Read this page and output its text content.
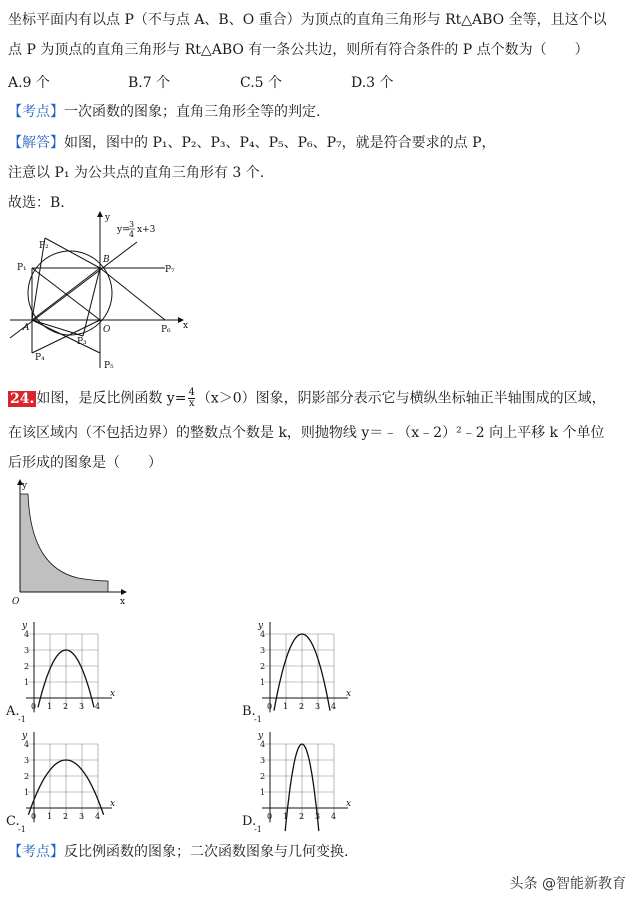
坐标平面内有以点 P（不与点 A、B、O 重合）为顶点的直角三角形与 Rt△ABO 全等，且这个以
点 P 为顶点的直角三角形与 Rt△ABO 有一条公共边，则所有符合条件的 P 点个数为（　　）
A.9 个	B.7 个	C.5 个	D.3 个
【考点】一次函数的图象；直角三角形全等的判定.
【解答】如图，图中的 P₁、P₂、P₃、P₄、P₅、P₆、P₇，就是符合要求的点 P，
注意以 P₁ 为公共点的直角三角形有 3 个.
故选：B.
y
x
y=
3
4 x+3
B
A	O
P₁
P₂
P₃
P₄
P₅
P₆
P₇
24. 如图，是反比例函数 $y= \frac{4}{x} (x>0)$图象，阴影部分表示它与横纵坐标轴正半轴围成的区域，
在该区域内（不包括边界）的整数点个数是 k，则抛物线 y＝﹣（x﹣2）²﹣2 向上平移 k 个单位
后形成的图象是（　　）
y
x
O
0 1 2 3 4
1
2
3
4
-1
x
y
A.	0 1 2 3 4
1
2
3
4
-1
x
y
B.
0 1 2 3 4
1
2
3
4
-1
x
y
C.	0 1 2 3 4
1
2
3
4
-1
x
y
D.
【考点】反比例函数的图象；二次函数图象与几何变换.
头条 @智能新教育
